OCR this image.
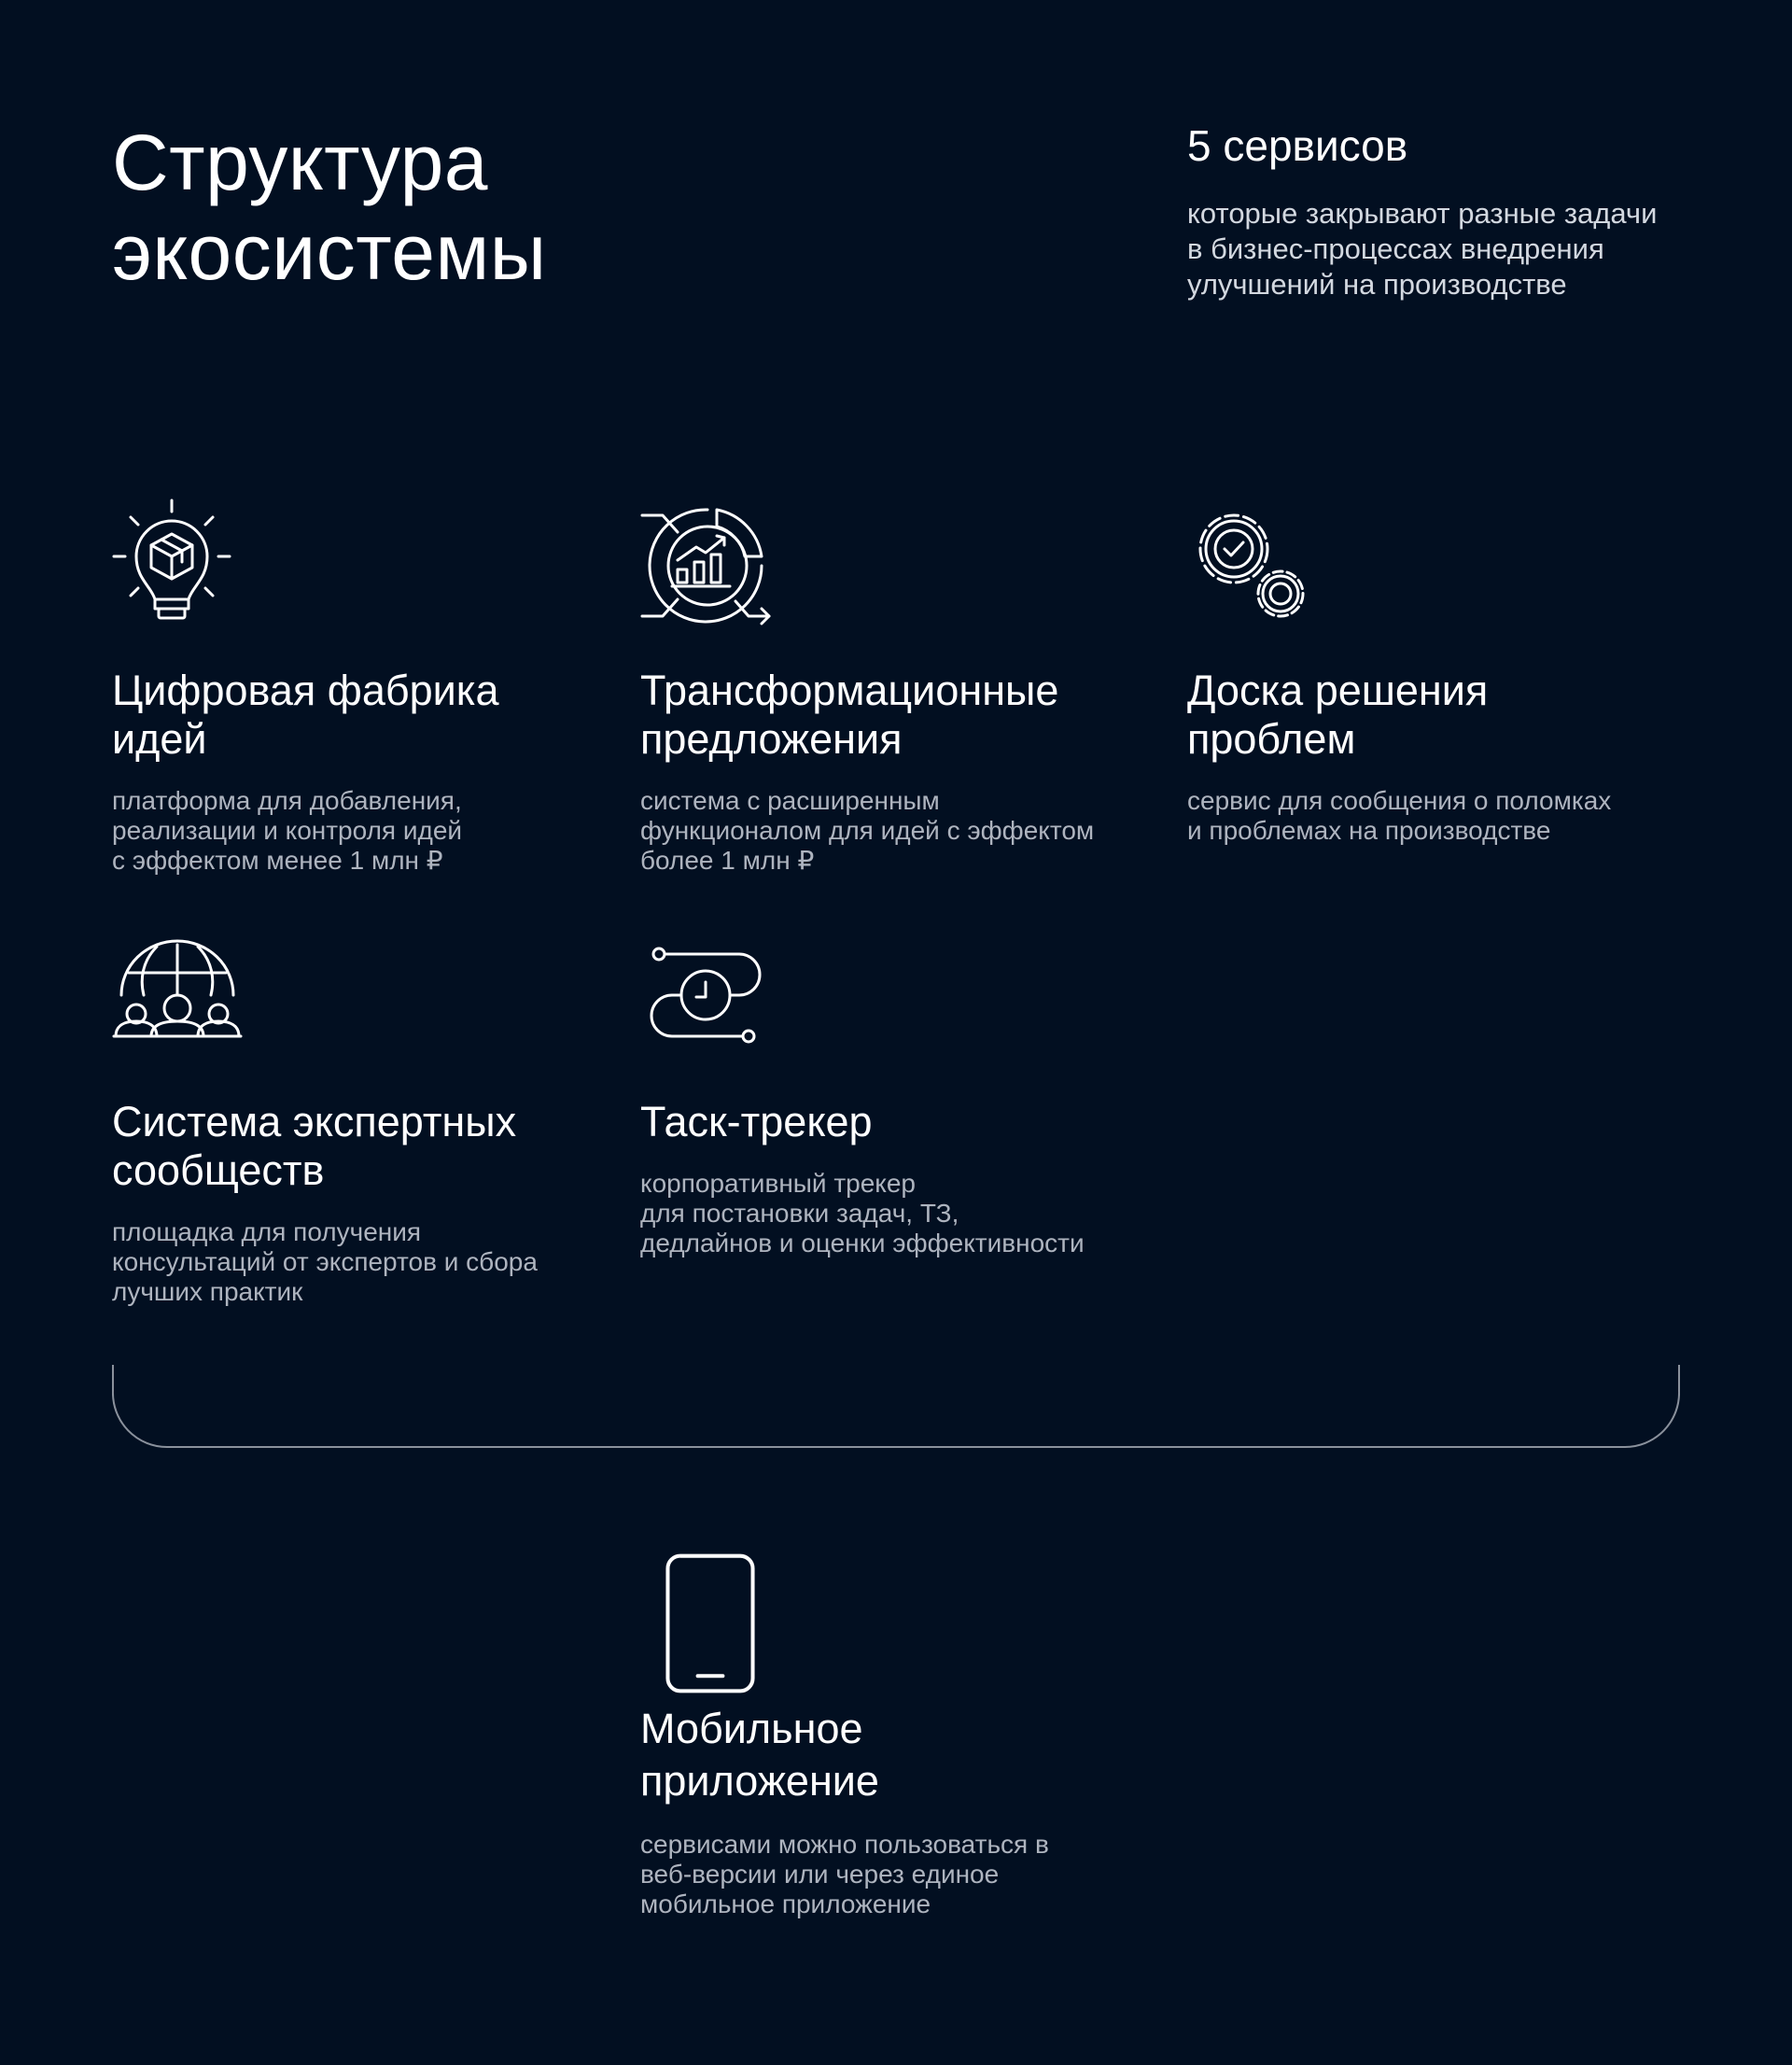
Структура
экосистемы
5 сервисов

которые закрывают разные задачи
в бизнес-процессах внедрения
улучшений на производстве

Цифровая фабрика
идей

платформа для добавления,
реализации и контроля идей
с эффектом менее 1 млн ₽

Трансформационные
предложения

система с расширенным
функционалом для идей с эффектом
более 1 млн ₽

Доска решения
проблем

сервис для сообщения о поломках
и проблемах на производстве

Система экспертных
сообществ

площадка для получения
консультаций от экспертов и сбора
лучших практик

Таск-трекер

корпоративный трекер
для постановки задач, ТЗ,
дедлайнов и оценки эффективности

Мобильное
приложение

сервисами можно пользоваться в
веб-версии или через единое
мобильное приложение
